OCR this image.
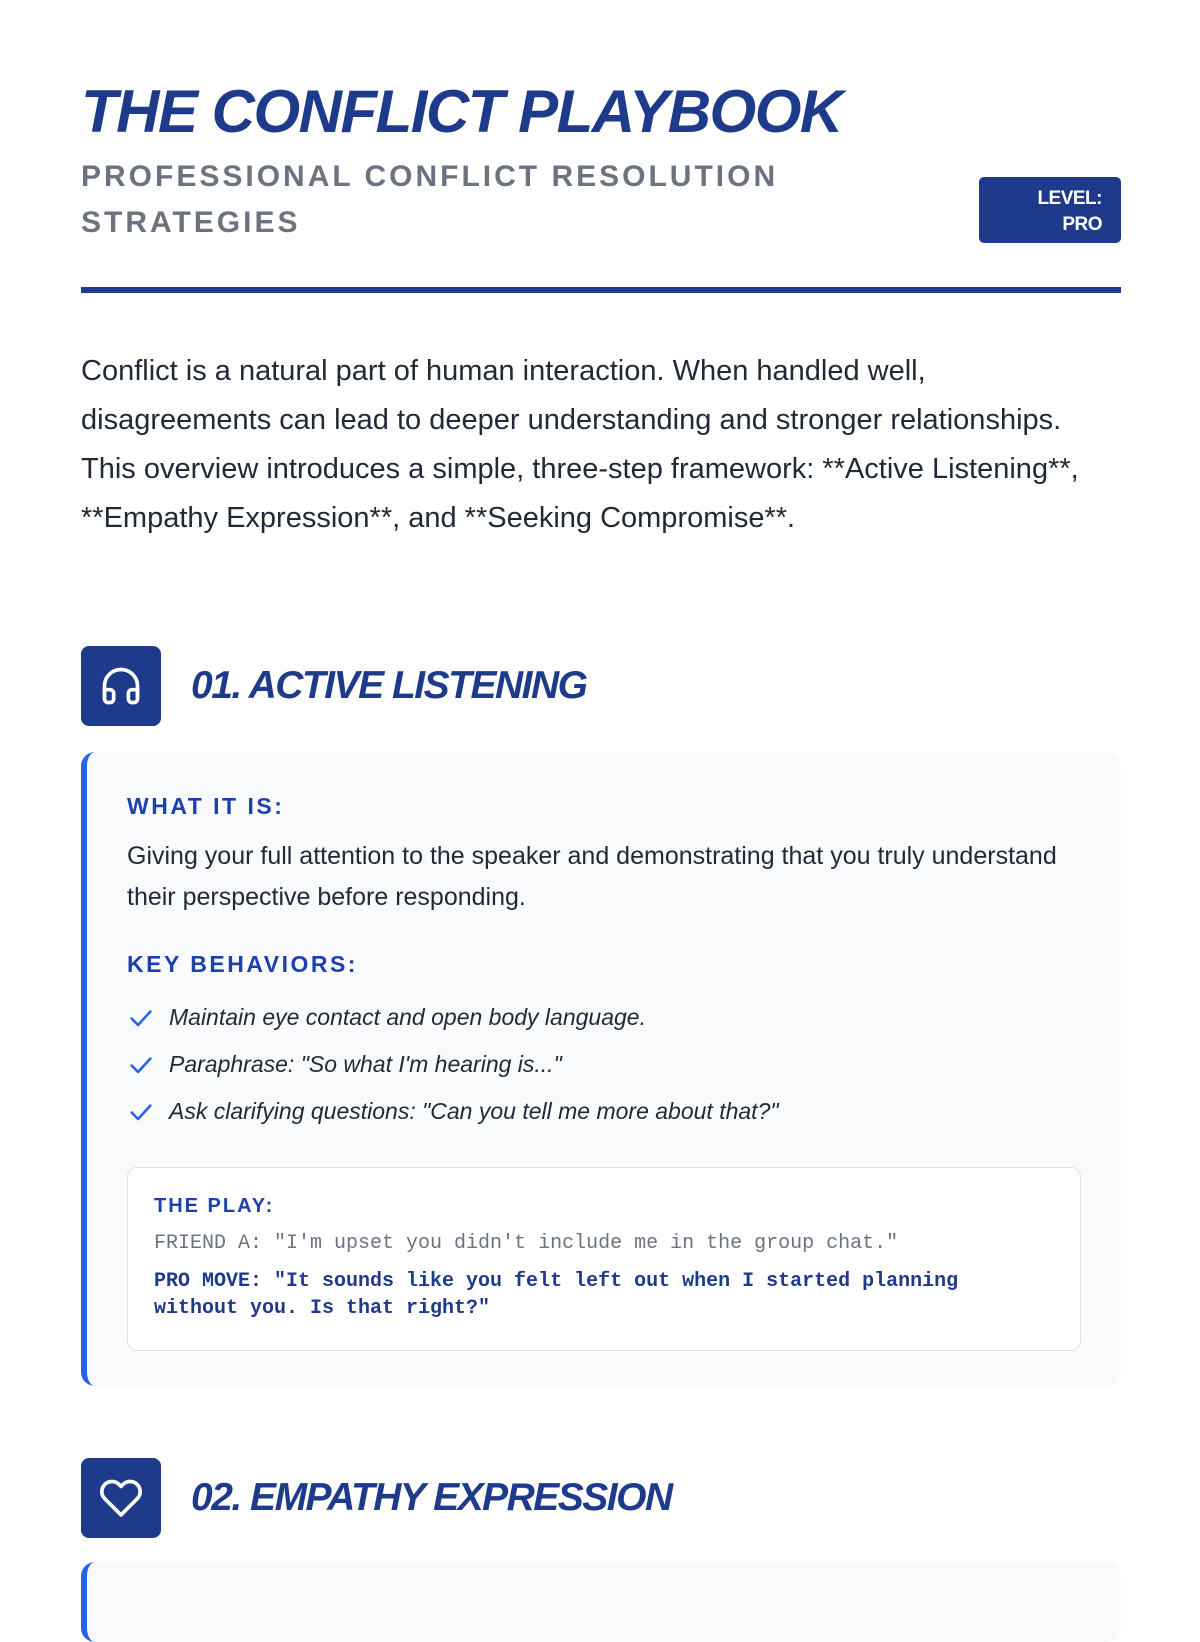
THE CONFLICT PLAYBOOK
PROFESSIONAL CONFLICT RESOLUTION STRATEGIES
LEVEL:
PRO

Conflict is a natural part of human interaction. When handled well, disagreements can lead to deeper understanding and stronger relationships. This overview introduces a simple, three-step framework: **Active Listening**, **Empathy Expression**, and **Seeking Compromise**.

01. ACTIVE LISTENING
WHAT IT IS:

Giving your full attention to the speaker and demonstrating that you truly understand their perspective before responding.

KEY BEHAVIORS:
Maintain eye contact and open body language.
Paraphrase: "So what I'm hearing is..."
Ask clarifying questions: "Can you tell me more about that?"
THE PLAY:
FRIEND A: "I'm upset you didn't include me in the group chat."
PRO MOVE: "It sounds like you felt left out when I started planning without you. Is that right?"
02. EMPATHY EXPRESSION
